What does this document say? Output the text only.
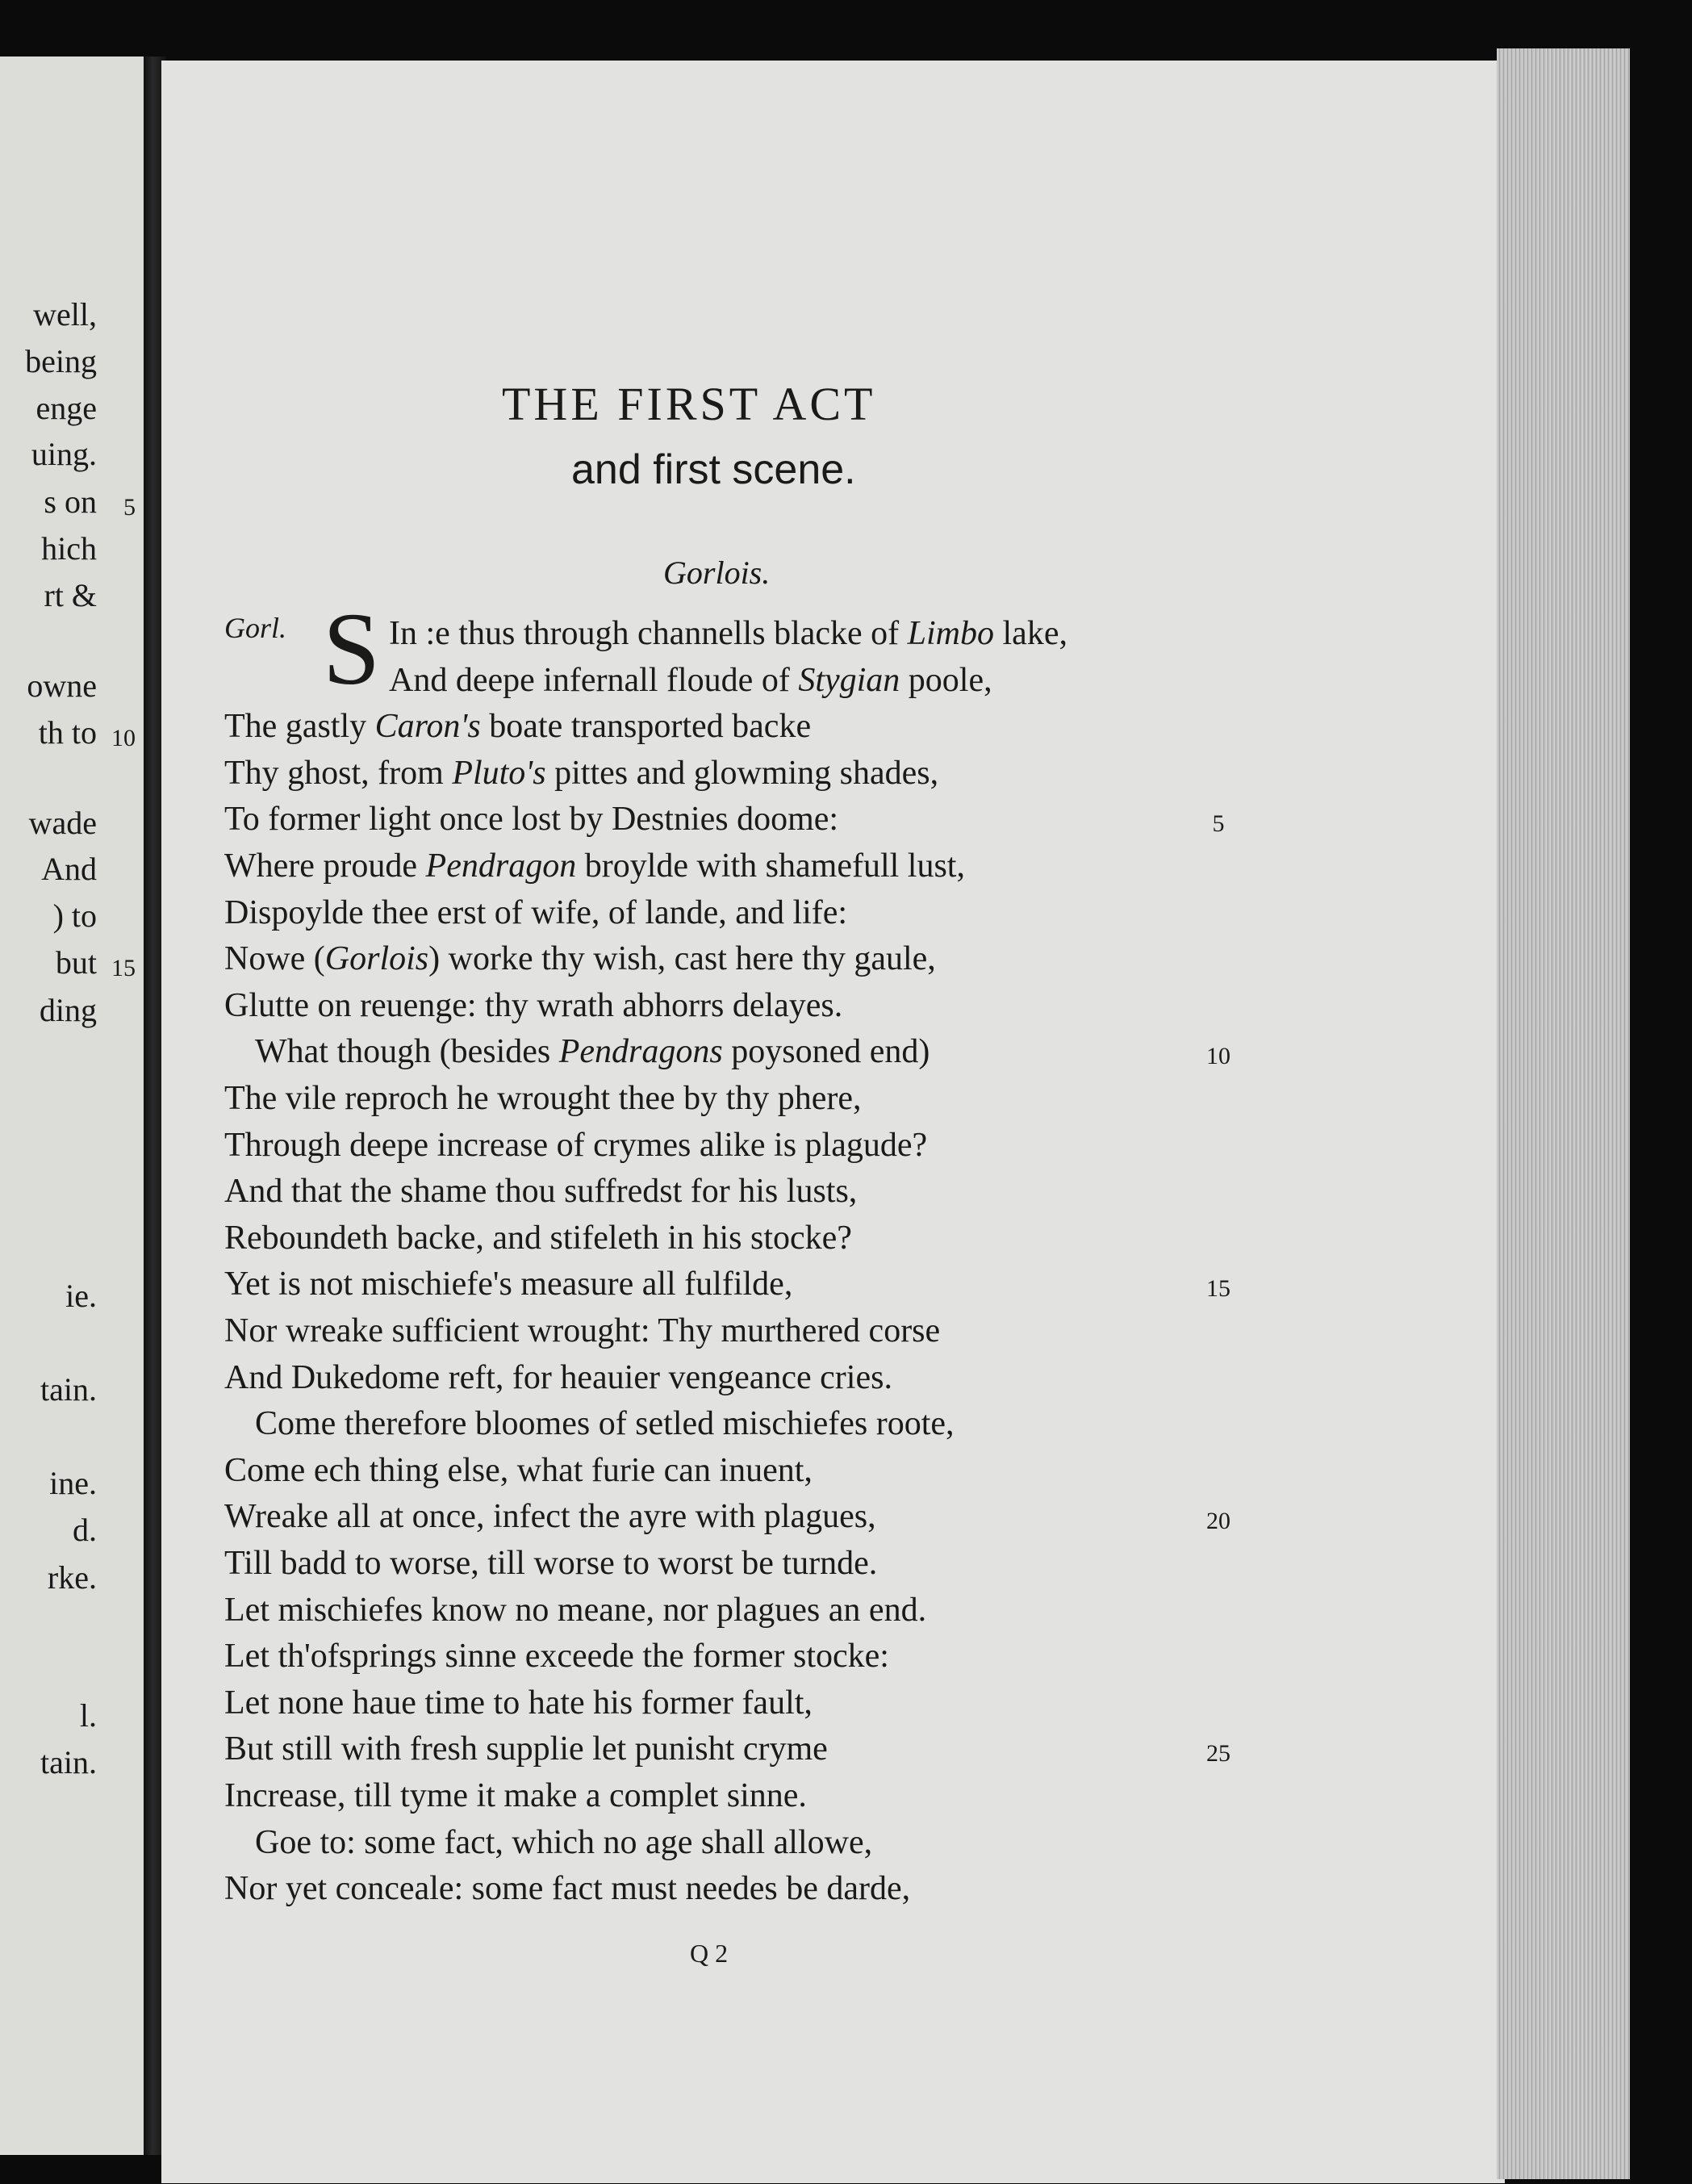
well,
being
enge
uing.
s on 5
hich
rt &
owne
th to 10
wade
And
) to
but 15
ding
ie.
tain.
ine.
d.
rke.
l.
tain.
THE FIRST ACT
and first scene.
Gorlois.
Gorl. S In :e thus through channells blacke of Limbo lake,
And deepe infernall floude of Stygian poole,
The gastly Caron's boate transported backe
Thy ghost, from Pluto's pittes and glowming shades,
To former light once lost by Destnies doome:	5
Where proude Pendragon broylde with shamefull lust,
Dispoylde thee erst of wife, of lande, and life:
Nowe (Gorlois) worke thy wish, cast here thy gaule,
Glutte on reuenge: thy wrath abhorrs delayes.
What though (besides Pendragons poysoned end)	10
The vile reproch he wrought thee by thy phere,
Through deepe increase of crymes alike is plagude?
And that the shame thou suffredst for his lusts,
Reboundeth backe, and stifeleth in his stocke?
Yet is not mischiefe's measure all fulfilde,	15
Nor wreake sufficient wrought: Thy murthered corse
And Dukedome reft, for heauier vengeance cries.
Come therefore bloomes of setled mischiefes roote,
Come ech thing else, what furie can inuent,
Wreake all at once, infect the ayre with plagues,	20
Till badd to worse, till worse to worst be turnde.
Let mischiefes know no meane, nor plagues an end.
Let th'ofsprings sinne exceede the former stocke:
Let none haue time to hate his former fault,
But still with fresh supplie let punisht cryme	25
Increase, till tyme it make a complet sinne.
Goe to: some fact, which no age shall allowe,
Nor yet conceale: some fact must needes be darde,
Q 2
